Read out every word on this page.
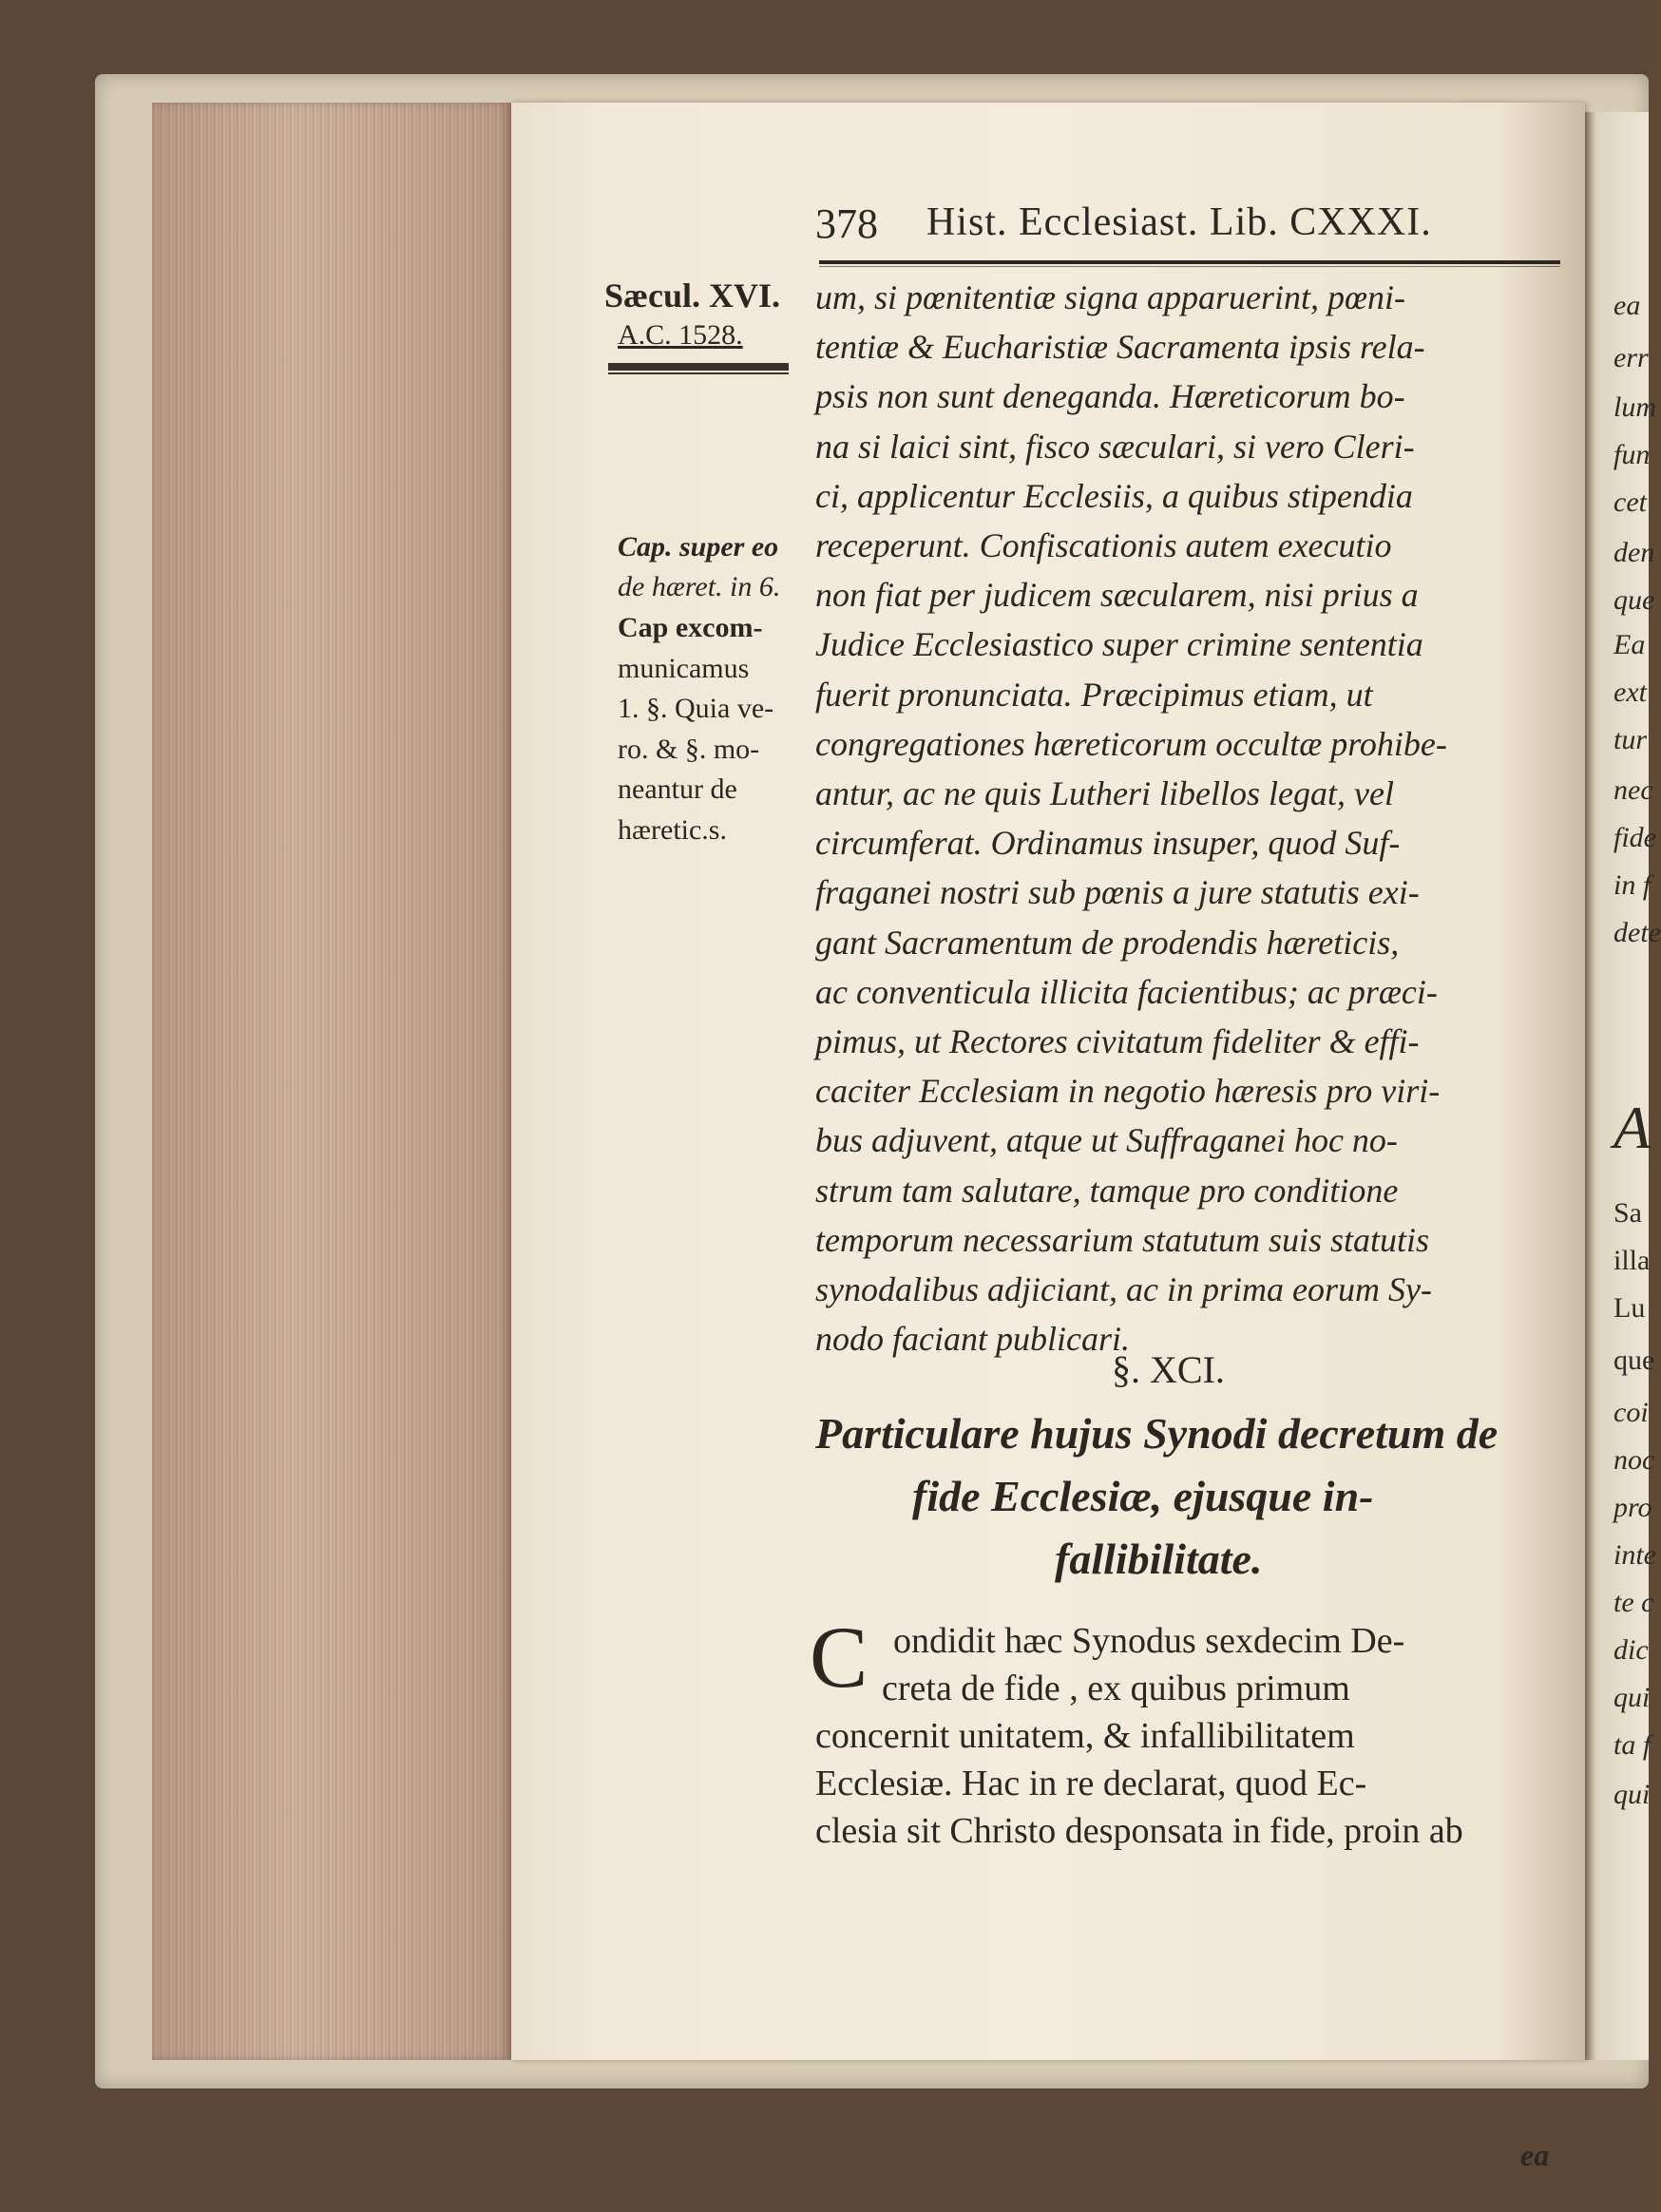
378 Hist. Ecclesiast. Lib. CXXXI.
Sæcul. XVI.
A.C. 1528.
Cap. super eo
de hæret. in 6.
Cap excom-
municamus
1. §. Quia ve-
ro. & §. mo-
neantur de
hæretic.s.
um, si pœnitentiæ signa apparuerint, pœni-
tentiæ & Eucharistiæ Sacramenta ipsis rela-
psis non sunt deneganda. Hæreticorum bo-
na si laici sint, fisco sæculari, si vero Cleri-
ci, applicentur Ecclesiis, a quibus stipendia
receperunt. Confiscationis autem executio
non fiat per judicem sæcularem, nisi prius a
Judice Ecclesiastico super crimine sententia
fuerit pronunciata. Præcipimus etiam, ut
congregationes hæreticorum occultæ prohibe-
antur, ac ne quis Lutheri libellos legat, vel
circumferat. Ordinamus insuper, quod Suf-
fraganei nostri sub pœnis a jure statutis exi-
gant Sacramentum de prodendis hæreticis,
ac conventicula illicita facientibus; ac præci-
pimus, ut Rectores civitatum fideliter & effi-
caciter Ecclesiam in negotio hæresis pro viri-
bus adjuvent, atque ut Suffraganei hoc no-
strum tam salutare, tamque pro conditione
temporum necessarium statutum suis statutis
synodalibus adjiciant, ac in prima eorum Sy-
nodo faciant publicari.
§. XCI.
Particulare hujus Synodi decretum de
fide Ecclesiæ, ejusque in-
fallibilitate.
C ondidit hæc Synodus sexdecim De-
creta de fide , ex quibus primum
concernit unitatem, & infallibilitatem
Ecclesiæ. Hac in re declarat, quod Ec-
clesia sit Christo desponsata in fide, proin ab
ea
ea
err
lum
fun
cet
den
que
Ea
ext
tur
nec
fide
in f
dete
A
Sa
illa
Lu
que
coi
noc
pro
inte
te c
dic
qui
ta f
qui
